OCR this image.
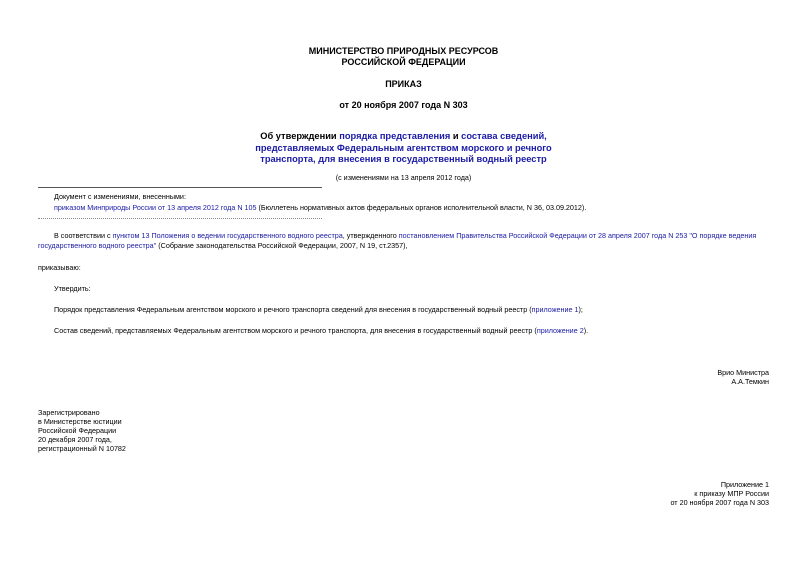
МИНИСТЕРСТВО ПРИРОДНЫХ РЕСУРСОВ
РОССИЙСКОЙ ФЕДЕРАЦИИ
ПРИКАЗ
от 20 ноября 2007 года N 303
Об утверждении порядка представления и состава сведений,
представляемых Федеральным агентством морского и речного
транспорта, для внесения в государственный водный реестр
(с изменениями на 13 апреля 2012 года)
Документ с изменениями, внесенными:
приказом Минприроды России от 13 апреля 2012 года N 105 (Бюллетень нормативных актов федеральных органов исполнительной власти, N 36, 03.09.2012).
В соответствии с пунктом 13 Положения о ведении государственного водного реестра, утвержденного постановлением Правительства Российской Федерации от 28 апреля 2007 года N 253 "О порядке ведения
государственного водного реестра" (Собрание законодательства Российской Федерации, 2007, N 19, ст.2357),
приказываю:
Утвердить:
Порядок представления Федеральным агентством морского и речного транспорта сведений для внесения в государственный водный реестр (приложение 1);
Состав сведений, представляемых Федеральным агентством морского и речного транспорта, для внесения в государственный водный реестр (приложение 2).
Врио Министра
А.А.Темкин
Зарегистрировано
в Министерстве юстиции
Российской Федерации
20 декабря 2007 года,
регистрационный N 10782
Приложение 1
к приказу МПР России
от 20 ноября 2007 года N 303
